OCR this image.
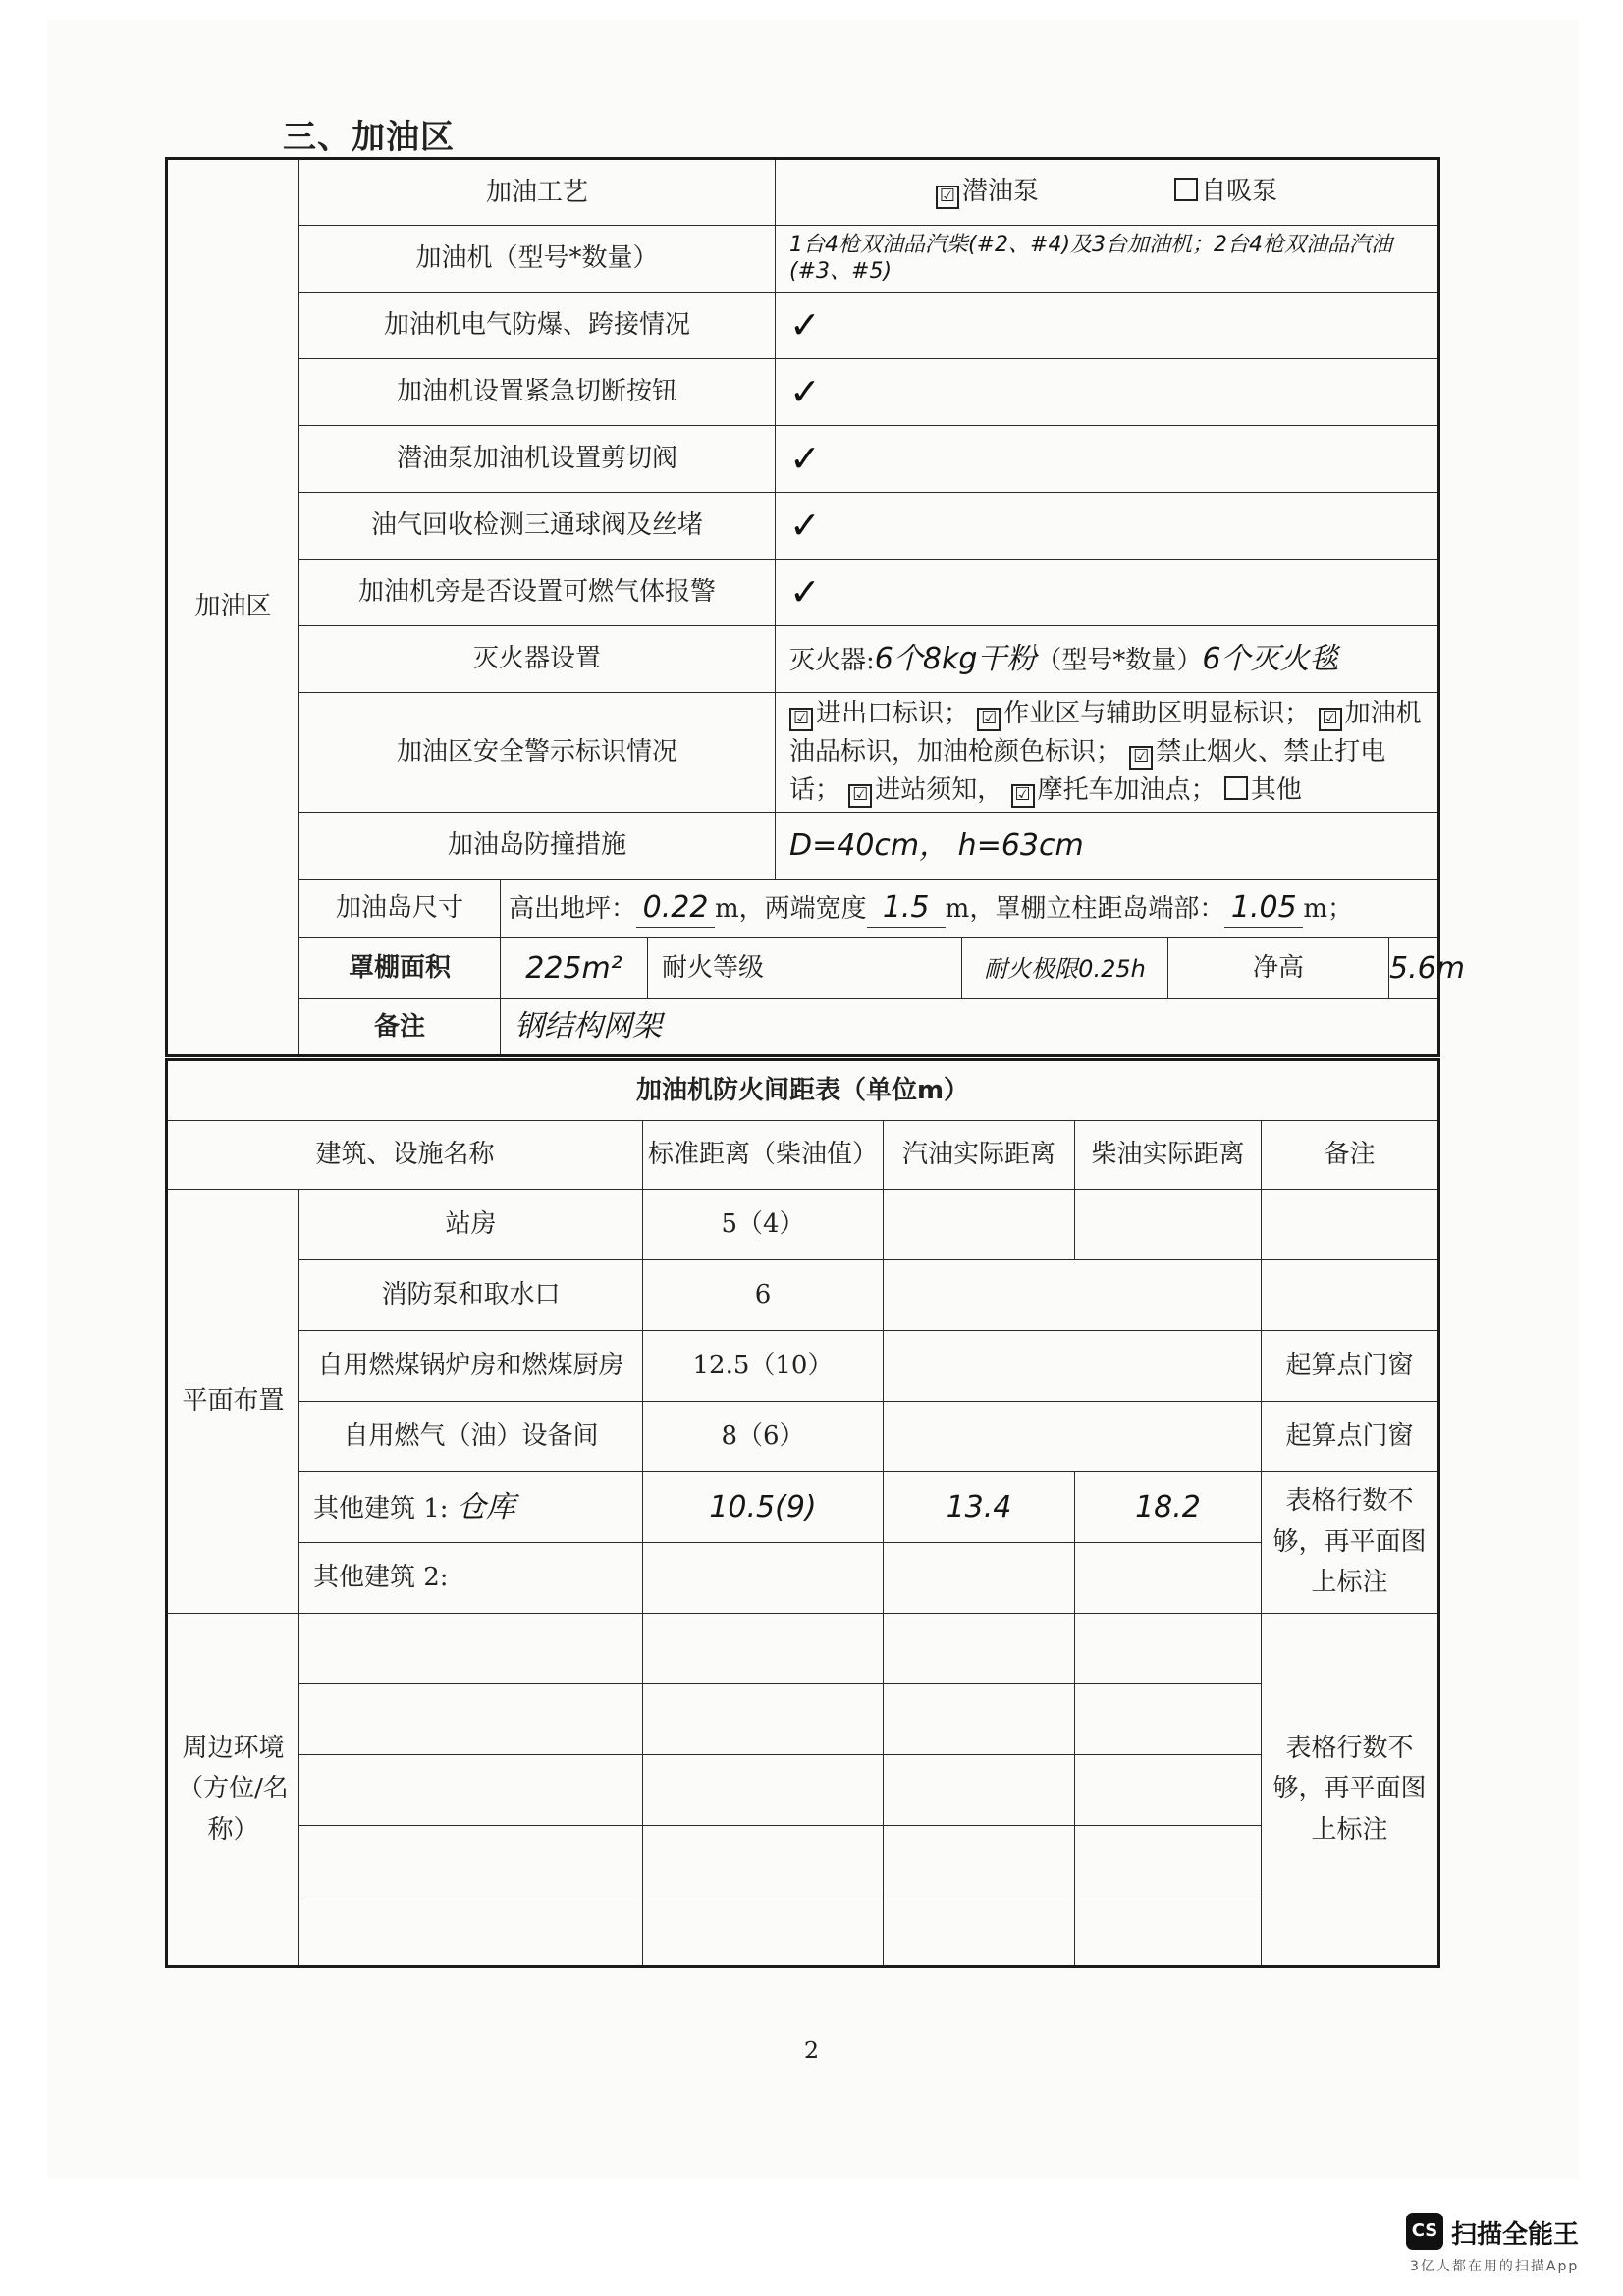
三、加油区
加油区	加油工艺			☑ 潜油泵 自吸泵			
	加油机（型号*数量）			1台4枪双油品汽柴(#2、#4)及3台加油机；2台4枪双油品汽油(#3、#5)			
	加油机电气防爆、跨接情况			✓			
	加油机设置紧急切断按钮			✓			
	潜油泵加油机设置剪切阀			✓			
	油气回收检测三通球阀及丝堵			✓			
	加油机旁是否设置可燃气体报警			✓			
	灭火器设置			灭火器:6个8kg干粉（型号*数量）6个灭火毯			
	加油区安全警示标识情况			☑ 进出口标识； ☑ 作业区与辅助区明显标识； ☑ 加油机油品标识，加油枪颜色标识； ☑ 禁止烟火、禁止打电话； ☑ 进站须知， ☑ 摩托车加油点； 其他			
	加油岛防撞措施			D=40cm， h=63cm			
	加油岛尺寸	高出地坪： 0.22 m，两端宽度 1.5 m，罩棚立柱距岛端部： 1.05 m；					
	罩棚面积	225m²	耐火等级		耐火极限0.25h	净高	5.6m
	备注	钢结构网架					
加油机防火间距表（单位m）					
建筑、设施名称		标准距离（柴油值）	汽油实际距离	柴油实际距离	备注
平面布置	站房	5（4）			
	消防泵和取水口	6			
	自用燃煤锅炉房和燃煤厨房	12.5（10）			起算点门窗
	自用燃气（油）设备间	8（6）			起算点门窗
	其他建筑 1: 仓库	10.5(9)	13.4	18.2	表格行数不够，再平面图上标注
	其他建筑 2:				
周边环境（方位/名称）					表格行数不够，再平面图上标注

2
CS 扫描全能王
3亿人都在用的扫描App
